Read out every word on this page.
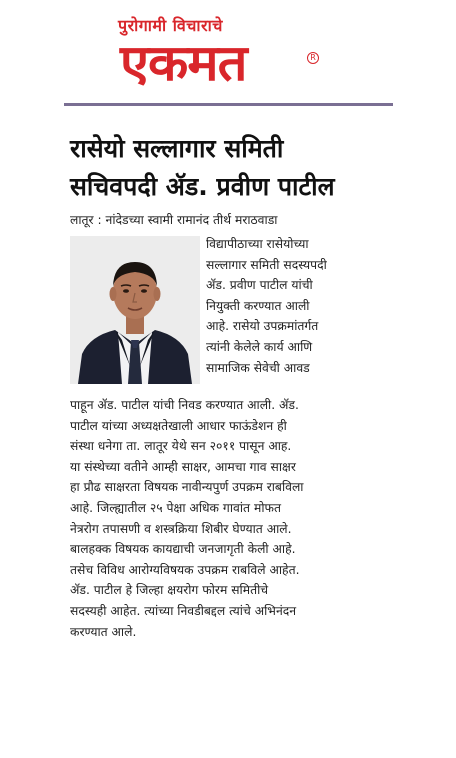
पुरोगामी विचाराचे
एकमत	R
रासेयो सल्लागार समिती
सचिवपदी ॲड. प्रवीण पाटील
लातूर : नांदेडच्या स्वामी रामानंद तीर्थ मराठवाडा
विद्यापीठाच्या रासेयोच्या
सल्लागार समिती सदस्यपदी
ॲड. प्रवीण पाटील यांची
नियुक्ती करण्यात आली
आहे. रासेयो उपक्रमांतर्गत
त्यांनी केलेले कार्य आणि
सामाजिक सेवेची आवड
पाहून ॲड. पाटील यांची निवड करण्यात आली. ॲड.
पाटील यांच्या अध्यक्षतेखाली आधार फाऊंडेशन ही
संस्था धनेगा ता. लातूर येथे सन २०११ पासून आह.
या संस्थेच्या वतीने आम्ही साक्षर, आमचा गाव साक्षर
हा प्रौढ साक्षरता विषयक नावीन्यपुर्ण उपक्रम राबविला
आहे. जिल्ह्यातील २५ पेक्षा अधिक गावांत मोफत
नेत्ररोग तपासणी व शस्त्रक्रिया शिबीर घेण्यात आले.
बालहक्क विषयक कायद्याची जनजागृती केली आहे.
तसेच विविध आरोग्यविषयक उपक्रम राबविले आहेत.
ॲड. पाटील हे जिल्हा क्षयरोग फोरम समितीचे
सदस्यही आहेत. त्यांच्या निवडीबद्दल त्यांचे अभिनंदन
करण्यात आले.
